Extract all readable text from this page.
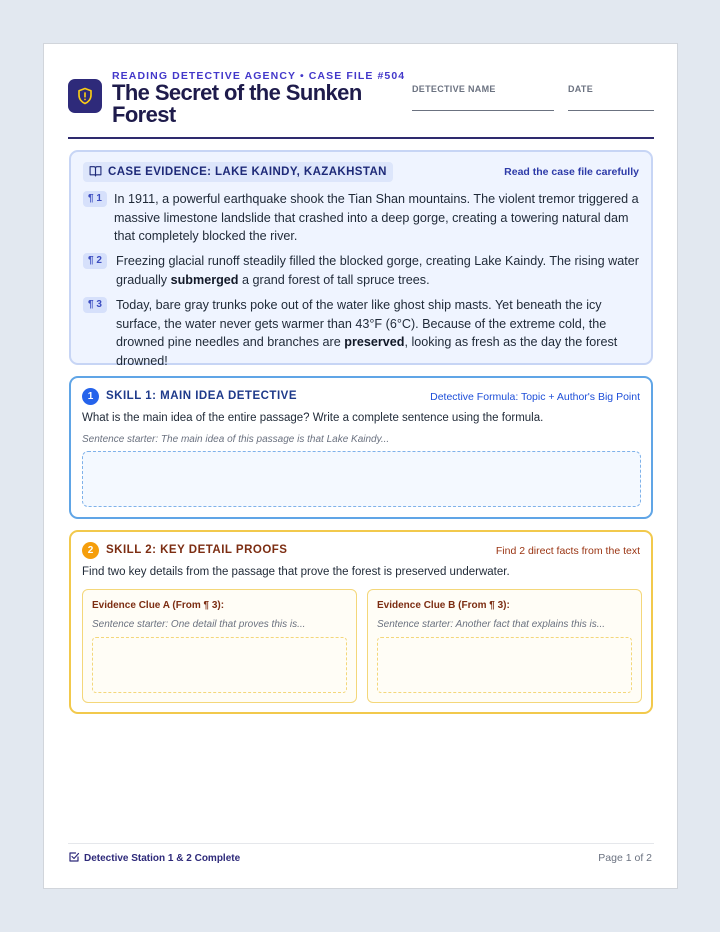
READING DETECTIVE AGENCY • CASE FILE #504
The Secret of the Sunken Forest
DETECTIVE NAME	DATE
CASE EVIDENCE: LAKE KAINDY, KAZAKHSTAN	Read the case file carefully
¶ 1 In 1911, a powerful earthquake shook the Tian Shan mountains. The violent tremor triggered a massive limestone landslide that crashed into a deep gorge, creating a towering natural dam that completely blocked the river.
¶ 2	Freezing glacial runoff steadily filled the blocked gorge, creating Lake Kaindy. The rising water gradually submerged a grand forest of tall spruce trees.
¶ 3	Today, bare gray trunks poke out of the water like ghost ship masts. Yet beneath the icy surface, the water never gets warmer than 43°F (6°C). Because of the extreme cold, the drowned pine needles and branches are preserved, looking as fresh as the day the forest drowned!
1	SKILL 1: MAIN IDEA DETECTIVE	Detective Formula: Topic + Author's Big Point
What is the main idea of the entire passage? Write a complete sentence using the formula.
Sentence starter: The main idea of this passage is that Lake Kaindy...
2	SKILL 2: KEY DETAIL PROOFS	Find 2 direct facts from the text
Find two key details from the passage that prove the forest is preserved underwater.
Evidence Clue A (From ¶ 3):
Sentence starter: One detail that proves this is...
Evidence Clue B (From ¶ 3):
Sentence starter: Another fact that explains this is...
Detective Station 1 & 2 Complete	Page 1 of 2
